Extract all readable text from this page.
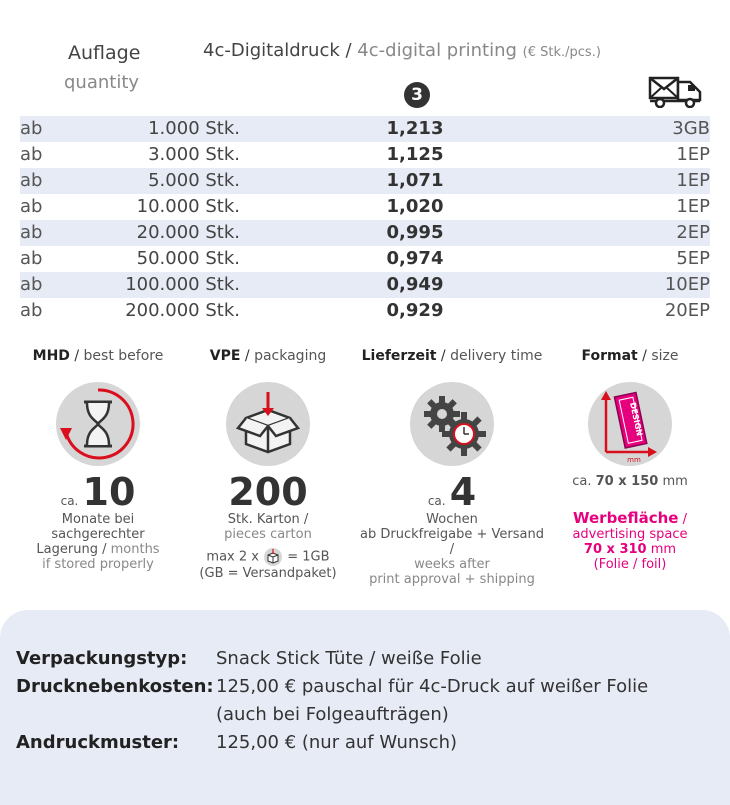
Auflage
quantity
4c-Digitaldruck / 4c-digital printing (€ Stk./pcs.)
3
ab	1.000 Stk.	1,213	3GB
ab	3.000 Stk.	1,125	1EP
ab	5.000 Stk.	1,071	1EP
ab	10.000 Stk.	1,020	1EP
ab	20.000 Stk.	0,995	2EP
ab	50.000 Stk.	0,974	5EP
ab	100.000 Stk.	0,949	10EP
ab	200.000 Stk.	0,929	20EP
MHD / best before
ca. 10
Monate bei
sachgerechter
Lagerung / months
if stored properly
VPE / packaging
200
Stk. Karton /
pieces carton
max 2 x = 1GB
(GB = Versandpaket)
Lieferzeit / delivery time
ca. 4
Wochen
ab Druckfreigabe + Versand /
weeks after
print approval + shipping
Format / size
DESIGN
mm
ca. 70 x 150 mm
Werbefläche /
advertising space
70 x 310 mm
(Folie / foil)
Verpackungstyp: Snack Stick Tüte / weiße Folie
Drucknebenkosten: 125,00 € pauschal für 4c-Druck auf weißer Folie
(auch bei Folgeaufträgen)
Andruckmuster: 125,00 € (nur auf Wunsch)
